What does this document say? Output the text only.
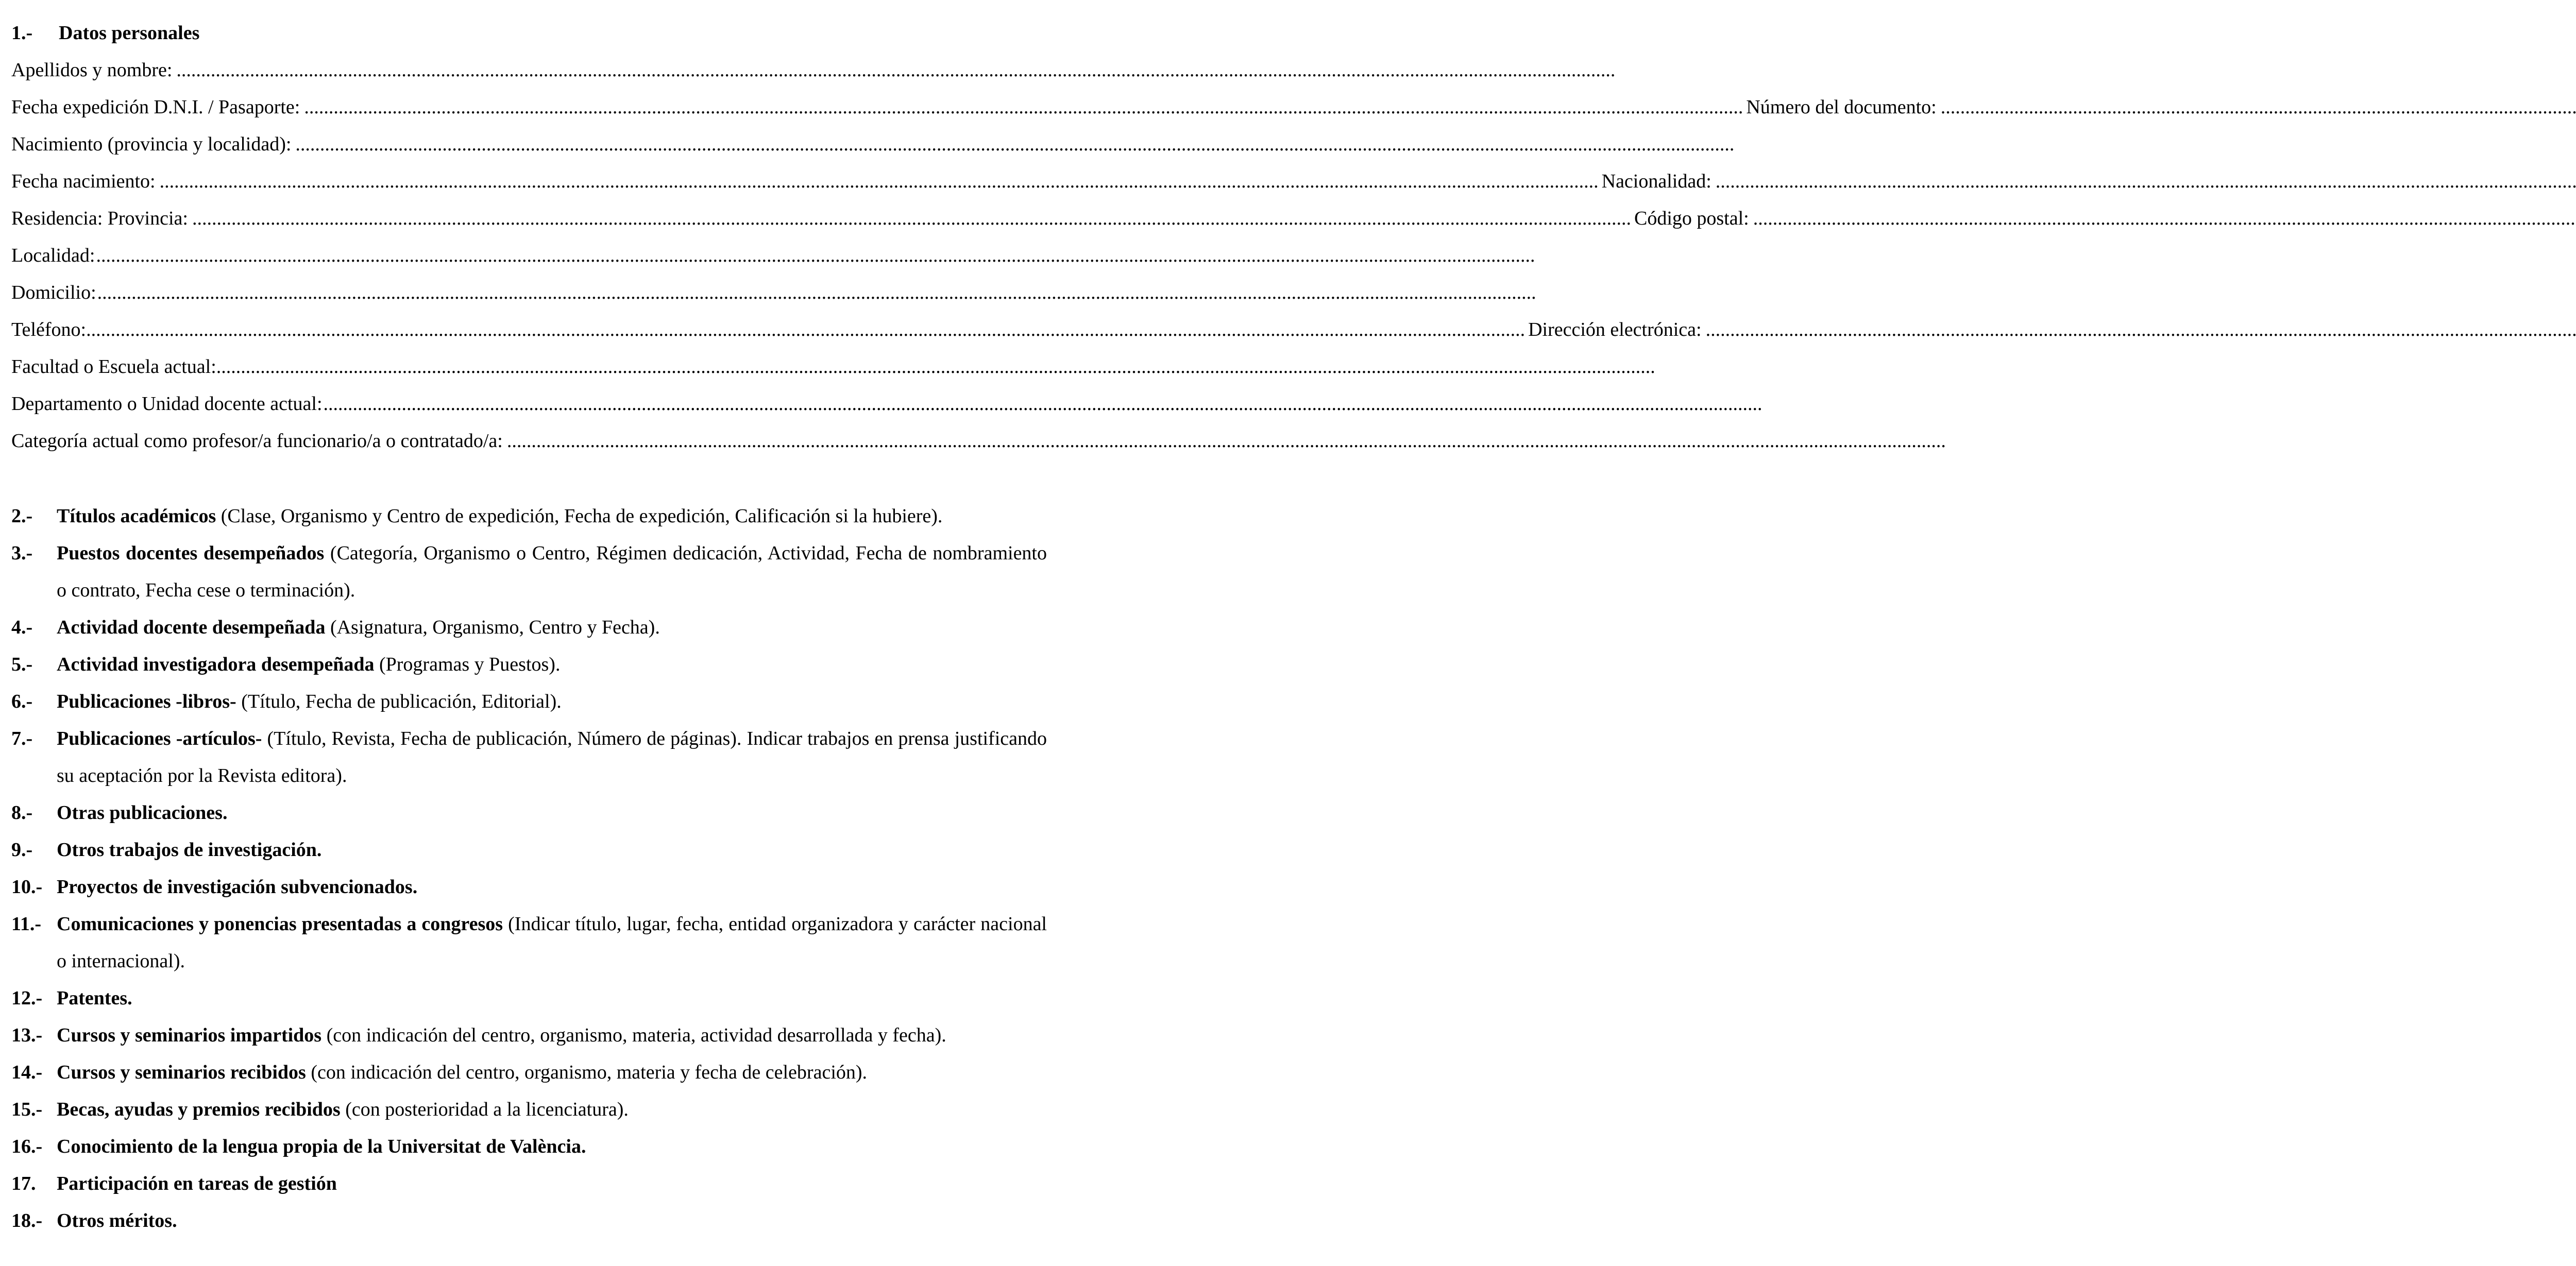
1.- Datos personales
Apellidos y nombre:
.....
Fecha expedición D.N.I. / Pasaporte: .....	Número del documento:
.....
Nacimiento (provincia y localidad):
.....
Fecha nacimiento: .....	Nacionalidad:
.....
Residencia: Provincia: .....	Código postal:
.....
Localidad:
.....
Domicilio:
.....
Teléfono: .....	Dirección electrónica:
.....
Facultad o Escuela actual:
.....
Departamento o Unidad docente actual:
.....
Categoría actual como profesor/a funcionario/a o contratado/a:
.....
2.-	Títulos académicos (Clase, Organismo y Centro de expedición, Fecha de expedición, Calificación si la hubiere).
3.-	Puestos docentes desempeñados (Categoría, Organismo o Centro, Régimen dedicación, Actividad, Fecha de nombramiento o contrato, Fecha cese o terminación).
4.-	Actividad docente desempeñada (Asignatura, Organismo, Centro y Fecha).
5.-	Actividad investigadora desempeñada (Programas y Puestos).
6.-	Publicaciones -libros- (Título, Fecha de publicación, Editorial).
7.-	Publicaciones -artículos- (Título, Revista, Fecha de publicación, Número de páginas). Indicar trabajos en prensa justificando su aceptación por la Revista editora).
8.-	Otras publicaciones.
9.-	Otros trabajos de investigación.
10.- Proyectos de investigación subvencionados.
11.- Comunicaciones y ponencias presentadas a congresos (Indicar título, lugar, fecha, entidad organizadora y carácter nacional o internacional).
12.- Patentes.
13.- Cursos y seminarios impartidos (con indicación del centro, organismo, materia, actividad desarrollada y fecha).
14.- Cursos y seminarios recibidos (con indicación del centro, organismo, materia y fecha de celebración).
15.- Becas, ayudas y premios recibidos (con posterioridad a la licenciatura).
16.- Conocimiento de la lengua propia de la Universitat de València.
17.	Participación en tareas de gestión
18.- Otros méritos.
